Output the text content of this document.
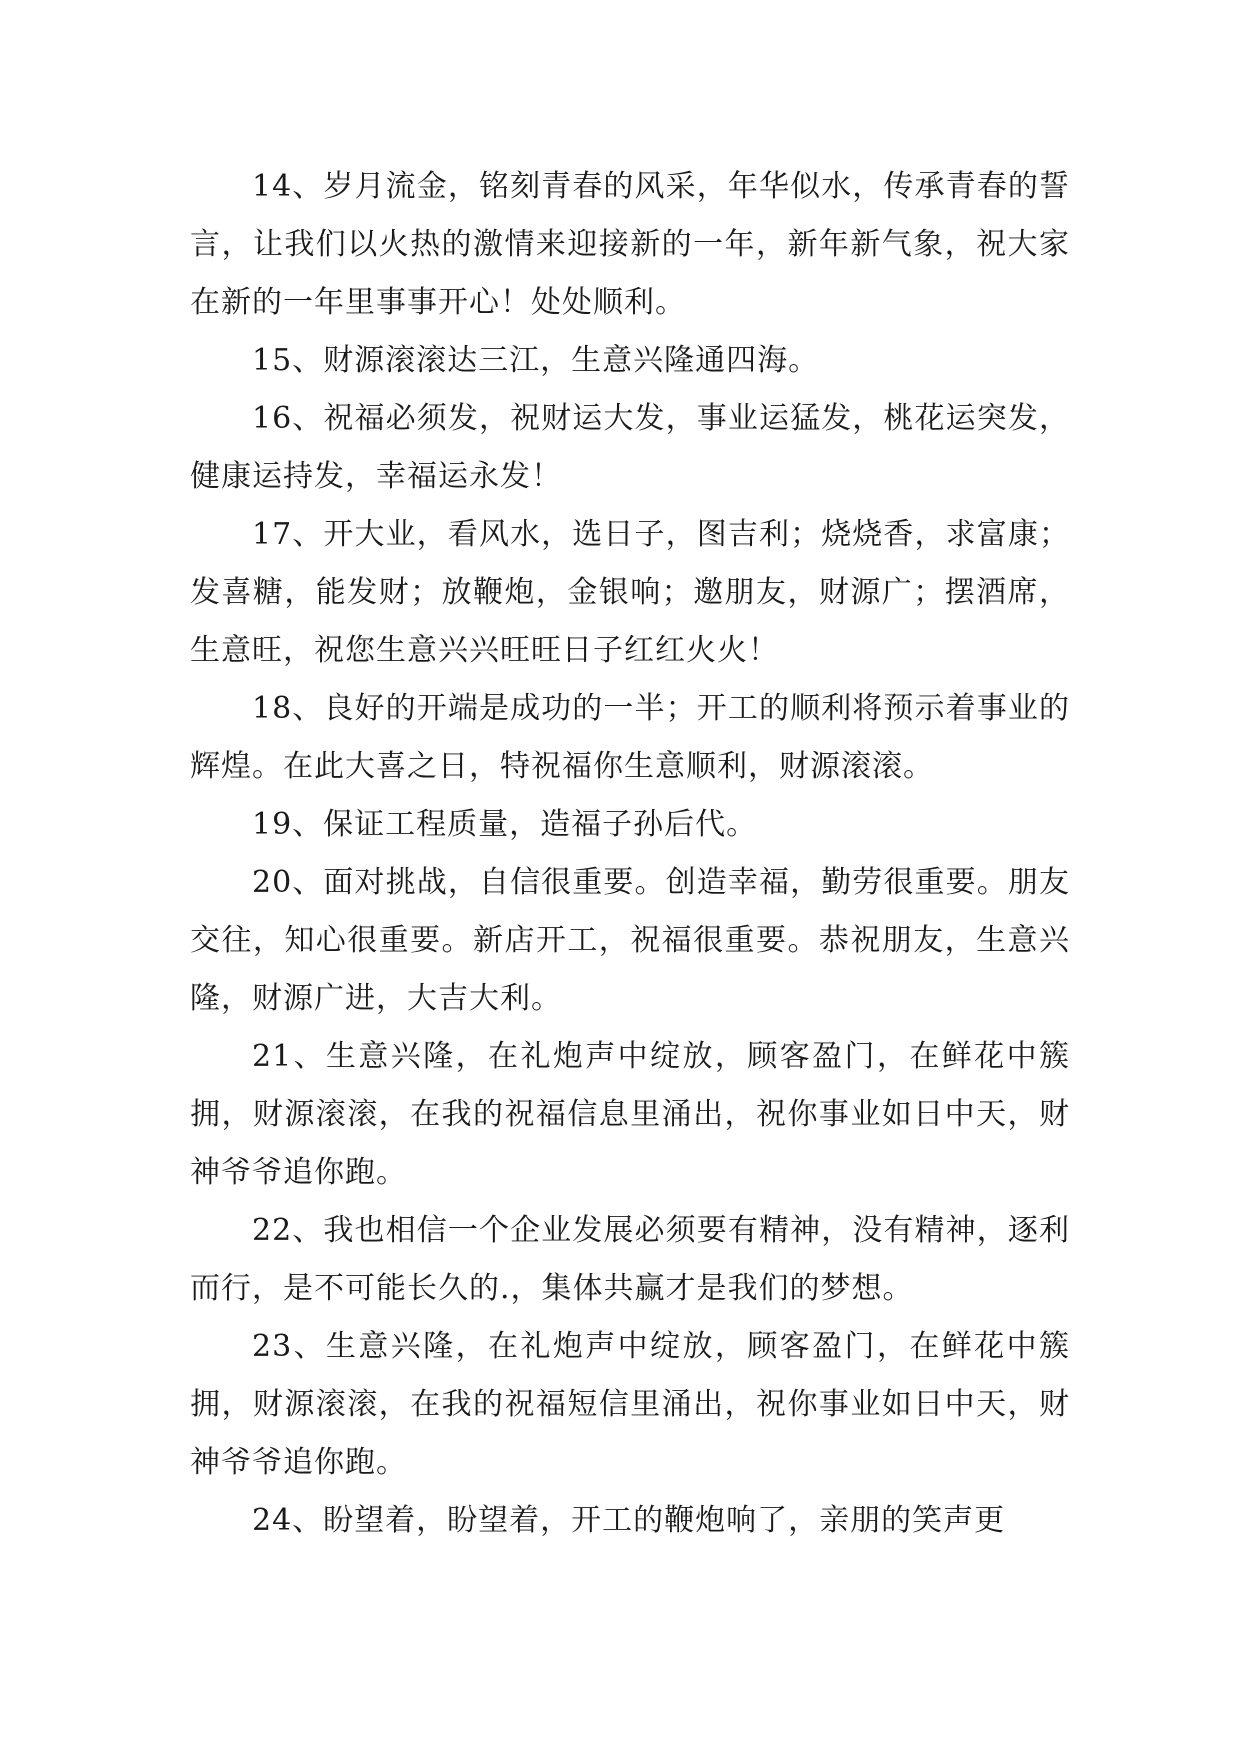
14、岁月流金，铭刻青春的风采，年华似水，传承青春的誓言，让我们以火热的激情来迎接新的一年，新年新气象，祝大家在新的一年里事事开心！处处顺利。

15、财源滚滚达三江，生意兴隆通四海。

16、祝福必须发，祝财运大发，事业运猛发，桃花运突发，健康运持发，幸福运永发！

17、开大业，看风水，选日子，图吉利；烧烧香，求富康；发喜糖，能发财；放鞭炮，金银响；邀朋友，财源广；摆酒席，生意旺，祝您生意兴兴旺旺日子红红火火！

18、良好的开端是成功的一半；开工的顺利将预示着事业的辉煌。在此大喜之日，特祝福你生意顺利，财源滚滚。

19、保证工程质量，造福子孙后代。

20、面对挑战，自信很重要。创造幸福，勤劳很重要。朋友交往，知心很重要。新店开工，祝福很重要。恭祝朋友，生意兴隆，财源广进，大吉大利。

21、生意兴隆，在礼炮声中绽放，顾客盈门，在鲜花中簇拥，财源滚滚，在我的祝福信息里涌出，祝你事业如日中天，财神爷爷追你跑。

22、我也相信一个企业发展必须要有精神，没有精神，逐利而行，是不可能长久的.，集体共赢才是我们的梦想。

23、生意兴隆，在礼炮声中绽放，顾客盈门，在鲜花中簇拥，财源滚滚，在我的祝福短信里涌出，祝你事业如日中天，财神爷爷追你跑。

24、盼望着，盼望着，开工的鞭炮响了，亲朋的笑声更
